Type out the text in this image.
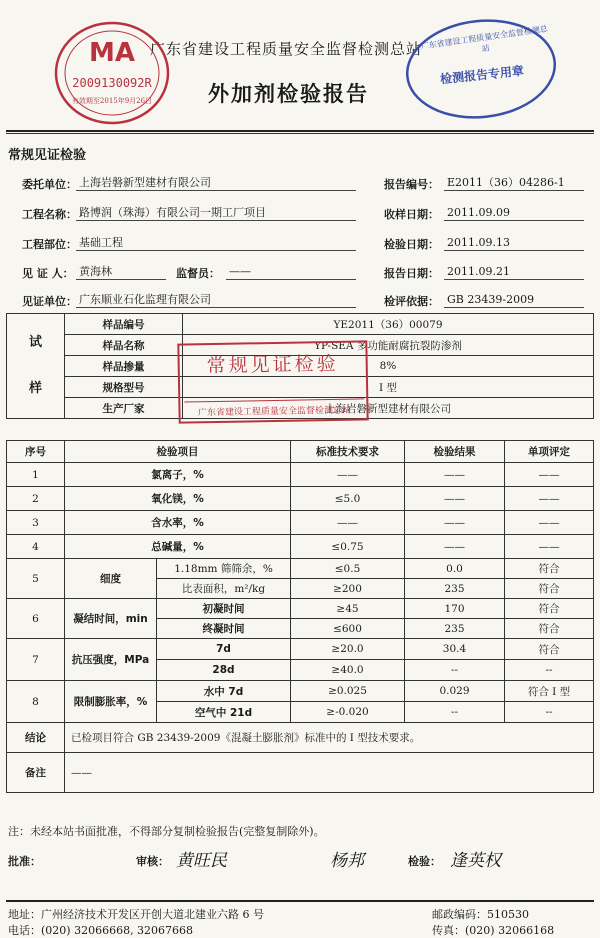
广东省建设工程质量安全监督检测总站
外加剂检验报告
MA
2009130092R
有效期至2015年9月26日
广东省建设工程质量安全监督检测总站
检测报告专用章
常规见证检验
委托单位： 上海岩磐新型建材有限公司	报告编号： E2011（36）04286-1
工程名称： 路博润（珠海）有限公司一期工厂项目	收样日期： 2011.09.09
工程部位： 基础工程	检验日期： 2011.09.13
见 证 人： 黄海林	监督员： ——	报告日期： 2011.09.21
见证单位： 广东顺业石化监理有限公司	检评依据： GB 23439-2009
试
样	样品编号	YE2011（36）00079
	样品名称	YP-SEA 多功能耐腐抗裂防渗剂
	样品掺量	8%
	规格型号	I 型
	生产厂家	上海岩磐新型建材有限公司
常规见证检验
广东省建设工程质量安全监督检测总站
序号	检验项目		标准技术要求	检验结果	单项评定
1	氯离子，%		——	——	——
2	氧化镁，%		≤5.0	——	——
3	含水率，%		——	——	——
4	总碱量，%		≤0.75	——	——
5	细度	1.18mm 筛筛余，%	≤0.5	0.0	符合
		比表面积，m²/kg	≥200	235	符合
6	凝结时间，min	初凝时间	≥45	170	符合
		终凝时间	≤600	235	符合
7	抗压强度，MPa	7d	≥20.0	30.4	符合
		28d	≥40.0	--	--
8	限制膨胀率，%	水中 7d	≥0.025	0.029	符合 I 型
		空气中 21d	≥-0.020	--	--
结论	已检项目符合 GB 23439-2009《混凝土膨胀剂》标准中的 I 型技术要求。				
备注	——				
注：未经本站书面批准，不得部分复制检验报告(完整复制除外)。
批准：	审核： 黄旺民	杨邦	检验： 逢英权
地址：广州经济技术开发区开创大道北建业六路 6 号	邮政编码：510530
电话：(020) 32066668, 32067668	传真：(020) 32066168
